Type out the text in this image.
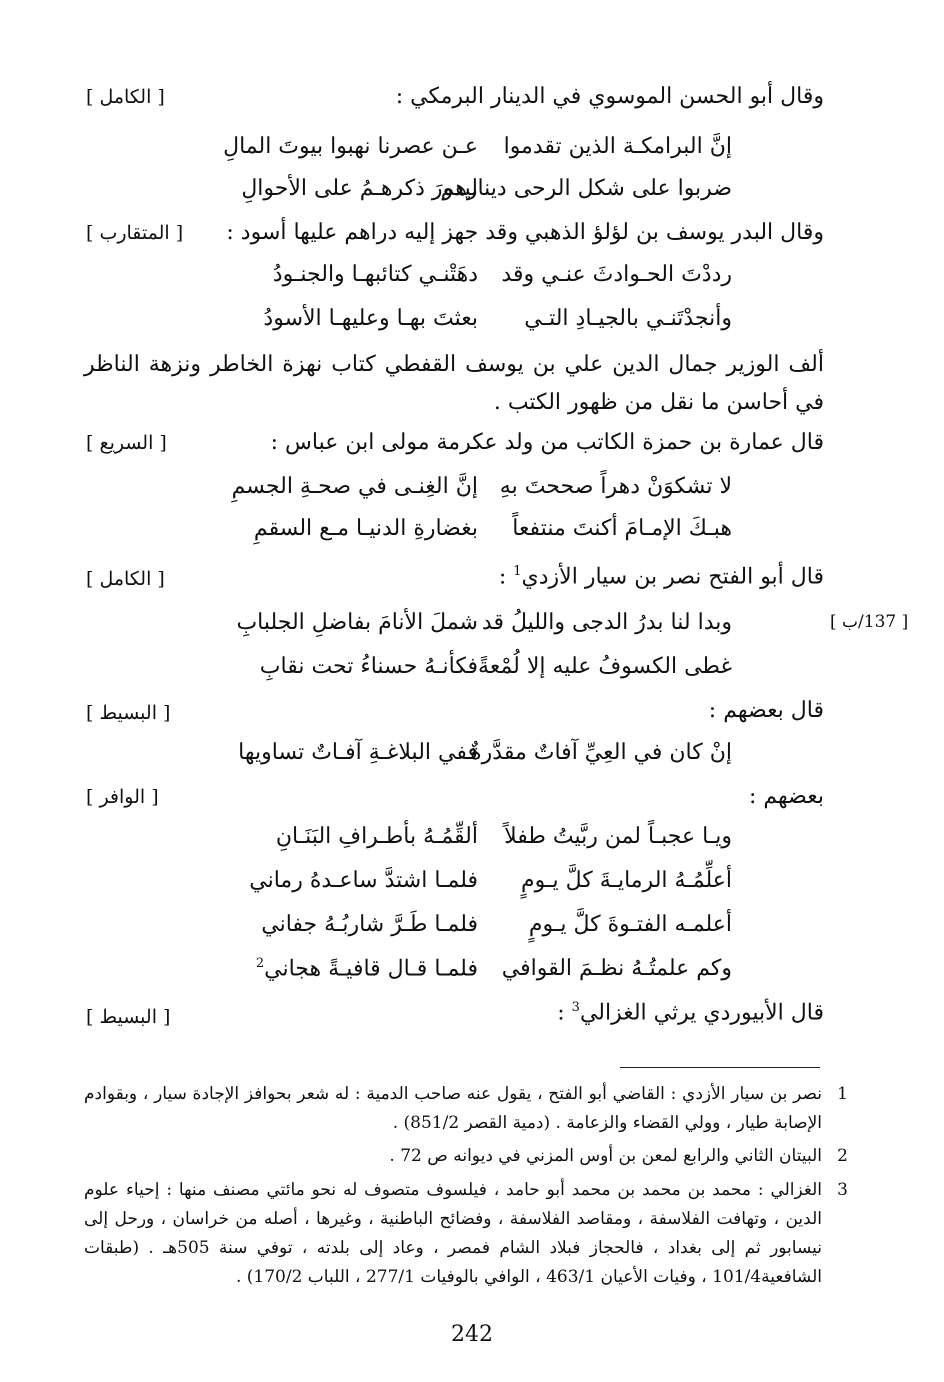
وقال أبو الحسن الموسوي في الدينار البرمكي :
[ الكامل ]
إنَّ البرامكـة الذين تقدموا
عـن عصرنا نهبوا بيوتَ المالِ
ضربوا على شكل الرحى دينارهم
ليدورَ ذكرهـمُ على الأحوالِ
وقال البدر يوسف بن لؤلؤ الذهبي وقد جهز إليه دراهم عليها أسود :
[ المتقارب ]
رددْتَ الحـوادثَ عنـي وقد
دهَتْنـي كتائبهـا والجنـودُ
وأنجدْتَنـي بالجيـادِ التـي
بعثتَ بهـا وعليهـا الأسودُ
ألف الوزير جمال الدين علي بن يوسف القفطي كتاب نهزة الخاطر ونزهة الناظر في أحاسن ما نقل من ظهور الكتب .
قال عمارة بن حمزة الكاتب من ولد عكرمة مولى ابن عباس :
[ السريع ]
لا تشكوَنْ دهراً صححتَ بهِ
إنَّ الغِنـى في صحـةِ الجسمِ
هبـكَ الإمـامَ أكنتَ منتفعاً
بغضارةِ الدنيـا مـع السقمِ
قال أبو الفتح نصر بن سيار الأزدي$^1$ :
[ الكامل ]
[ 137/ب ]
وبدا لنا بدرُ الدجى والليلُ قد
شملَ الأنامَ بفاضلِ الجلبابِ
غطى الكسوفُ عليه إلا لُمْعةً
فكأنـهُ حسناءُ تحت نقابِ
قال بعضهم :
[ البسيط ]
إنْ كان في العِيِّ آفاتٌ مقدَّرةٌ
ففي البلاغـةِ آفـاتٌ تساويها
بعضهم :
[ الوافر ]
ويـا عجبـاً لمن ربَّيتُ طفلاً
ألقِّمُـهُ بأطـرافِ البَنَـانِ
أعلِّمُـهُ الرمايـةَ كلَّ يـومٍ
فلمـا اشتدَّ ساعـدهُ رماني
أعلمـه الفتـوةَ كلَّ يـومٍ
فلمـا طَـرَّ شاربُـهُ جفاني
وكم علمتُـهُ نظـمَ القوافي
فلمـا قـال قافيـةً هجاني$^2$
قال الأبيوردي يرثي الغزالي$^3$ :
[ البسيط ]
1
نصر بن سيار الأزدي : القاضي أبو الفتح ، يقول عنه صاحب الدمية : له شعر بحوافز الإجادة سيار ، وبقوادم الإصابة طيار ، وولي القضاء والزعامة . (دمية القصر 851/2) .
2
البيتان الثاني والرابع لمعن بن أوس المزني في ديوانه ص 72 .
3
الغزالي : محمد بن محمد بن محمد أبو حامد ، فيلسوف متصوف له نحو مائتي مصنف منها : إحياء علوم الدين ، وتهافت الفلاسفة ، ومقاصد الفلاسفة ، وفضائح الباطنية ، وغيرها ، أصله من خراسان ، ورحل إلى نيسابور ثم إلى بغداد ، فالحجاز فبلاد الشام فمصر ، وعاد إلى بلدته ، توفي سنة 505هـ . (طبقات الشافعية101/4 ، وفيات الأعيان 463/1 ، الوافي بالوفيات 277/1 ، اللباب 170/2) .
242
